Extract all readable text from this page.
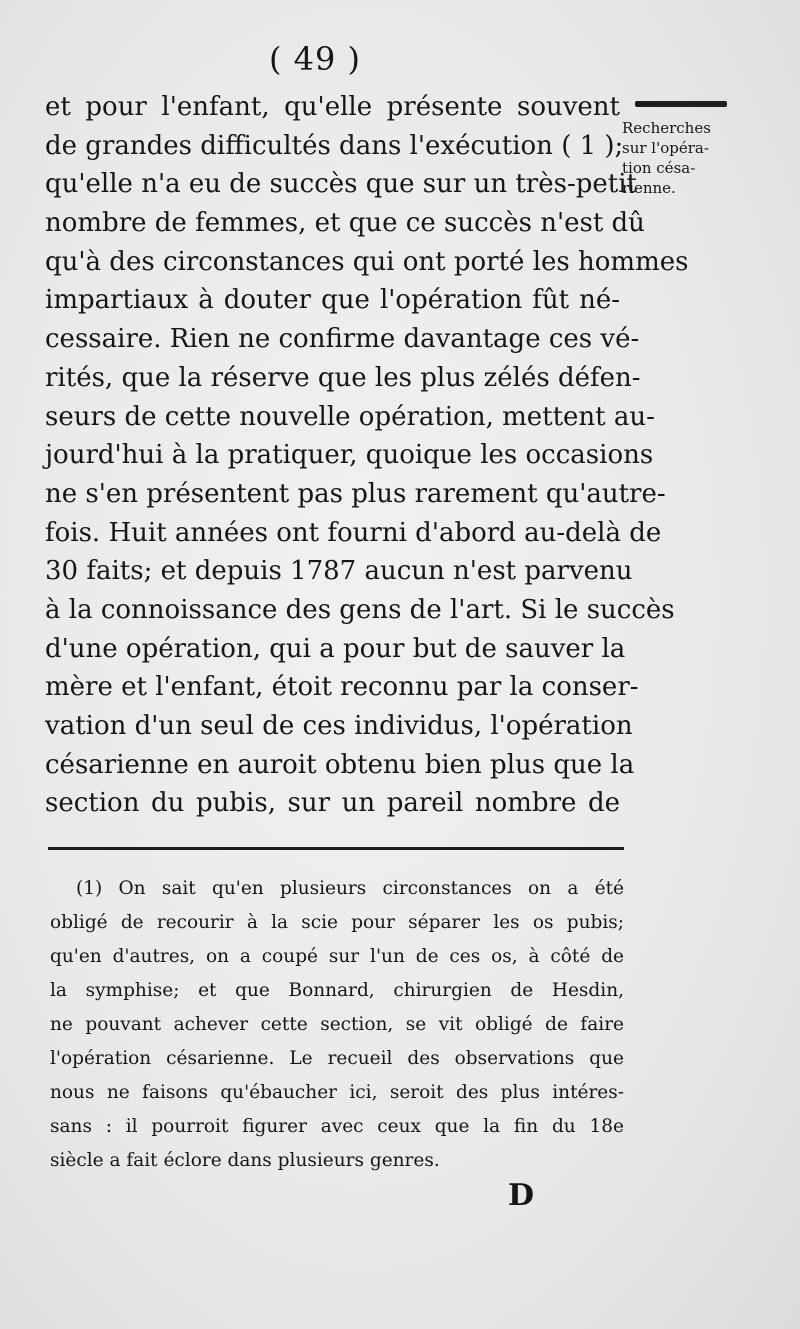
( 49 )
et pour l'enfant, qu'elle présente souvent
de grandes difficultés dans l'exécution ( 1 );
qu'elle n'a eu de succès que sur un très-petit
nombre de femmes, et que ce succès n'est dû
qu'à des circonstances qui ont porté les hommes
impartiaux à douter que l'opération fût né-
cessaire. Rien ne confirme davantage ces vé-
rités, que la réserve que les plus zélés défen-
seurs de cette nouvelle opération, mettent au-
jourd'hui à la pratiquer, quoique les occasions
ne s'en présentent pas plus rarement qu'autre-
fois. Huit années ont fourni d'abord au-delà de
30 faits; et depuis 1787 aucun n'est parvenu
à la connoissance des gens de l'art. Si le succès
d'une opération, qui a pour but de sauver la
mère et l'enfant, étoit reconnu par la conser-
vation d'un seul de ces individus, l'opération
césarienne en auroit obtenu bien plus que la
section du pubis, sur un pareil nombre de
Recherches
sur l'opéra-
tion césa-
rienne.
(1) On sait qu'en plusieurs circonstances on a été
obligé de recourir à la scie pour séparer les os pubis;
qu'en d'autres, on a coupé sur l'un de ces os, à côté de
la symphise; et que Bonnard, chirurgien de Hesdin,
ne pouvant achever cette section, se vit obligé de faire
l'opération césarienne. Le recueil des observations que
nous ne faisons qu'ébaucher ici, seroit des plus intéres-
sans : il pourroit figurer avec ceux que la fin du 18e
siècle a fait éclore dans plusieurs genres.
D
